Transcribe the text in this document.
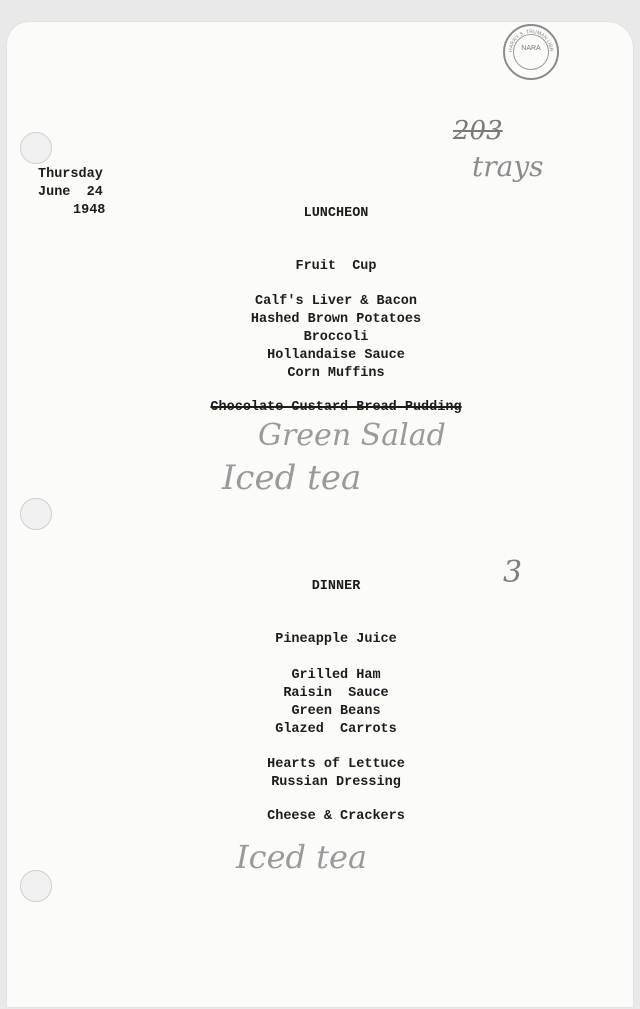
NARA
HARRY S. TRUMAN LIBR
Thursday
June  24
1948
203
trays
LUNCHEON
Fruit  Cup
Calf's Liver & Bacon
Hashed Brown Potatoes
Broccoli
Hollandaise Sauce
Corn Muffins
Chocolate Custard Bread Pudding
Green Salad
Iced tea
3
DINNER
Pineapple Juice
Grilled Ham
Raisin  Sauce
Green Beans
Glazed  Carrots
Hearts of Lettuce
Russian Dressing
Cheese & Crackers
Iced tea
